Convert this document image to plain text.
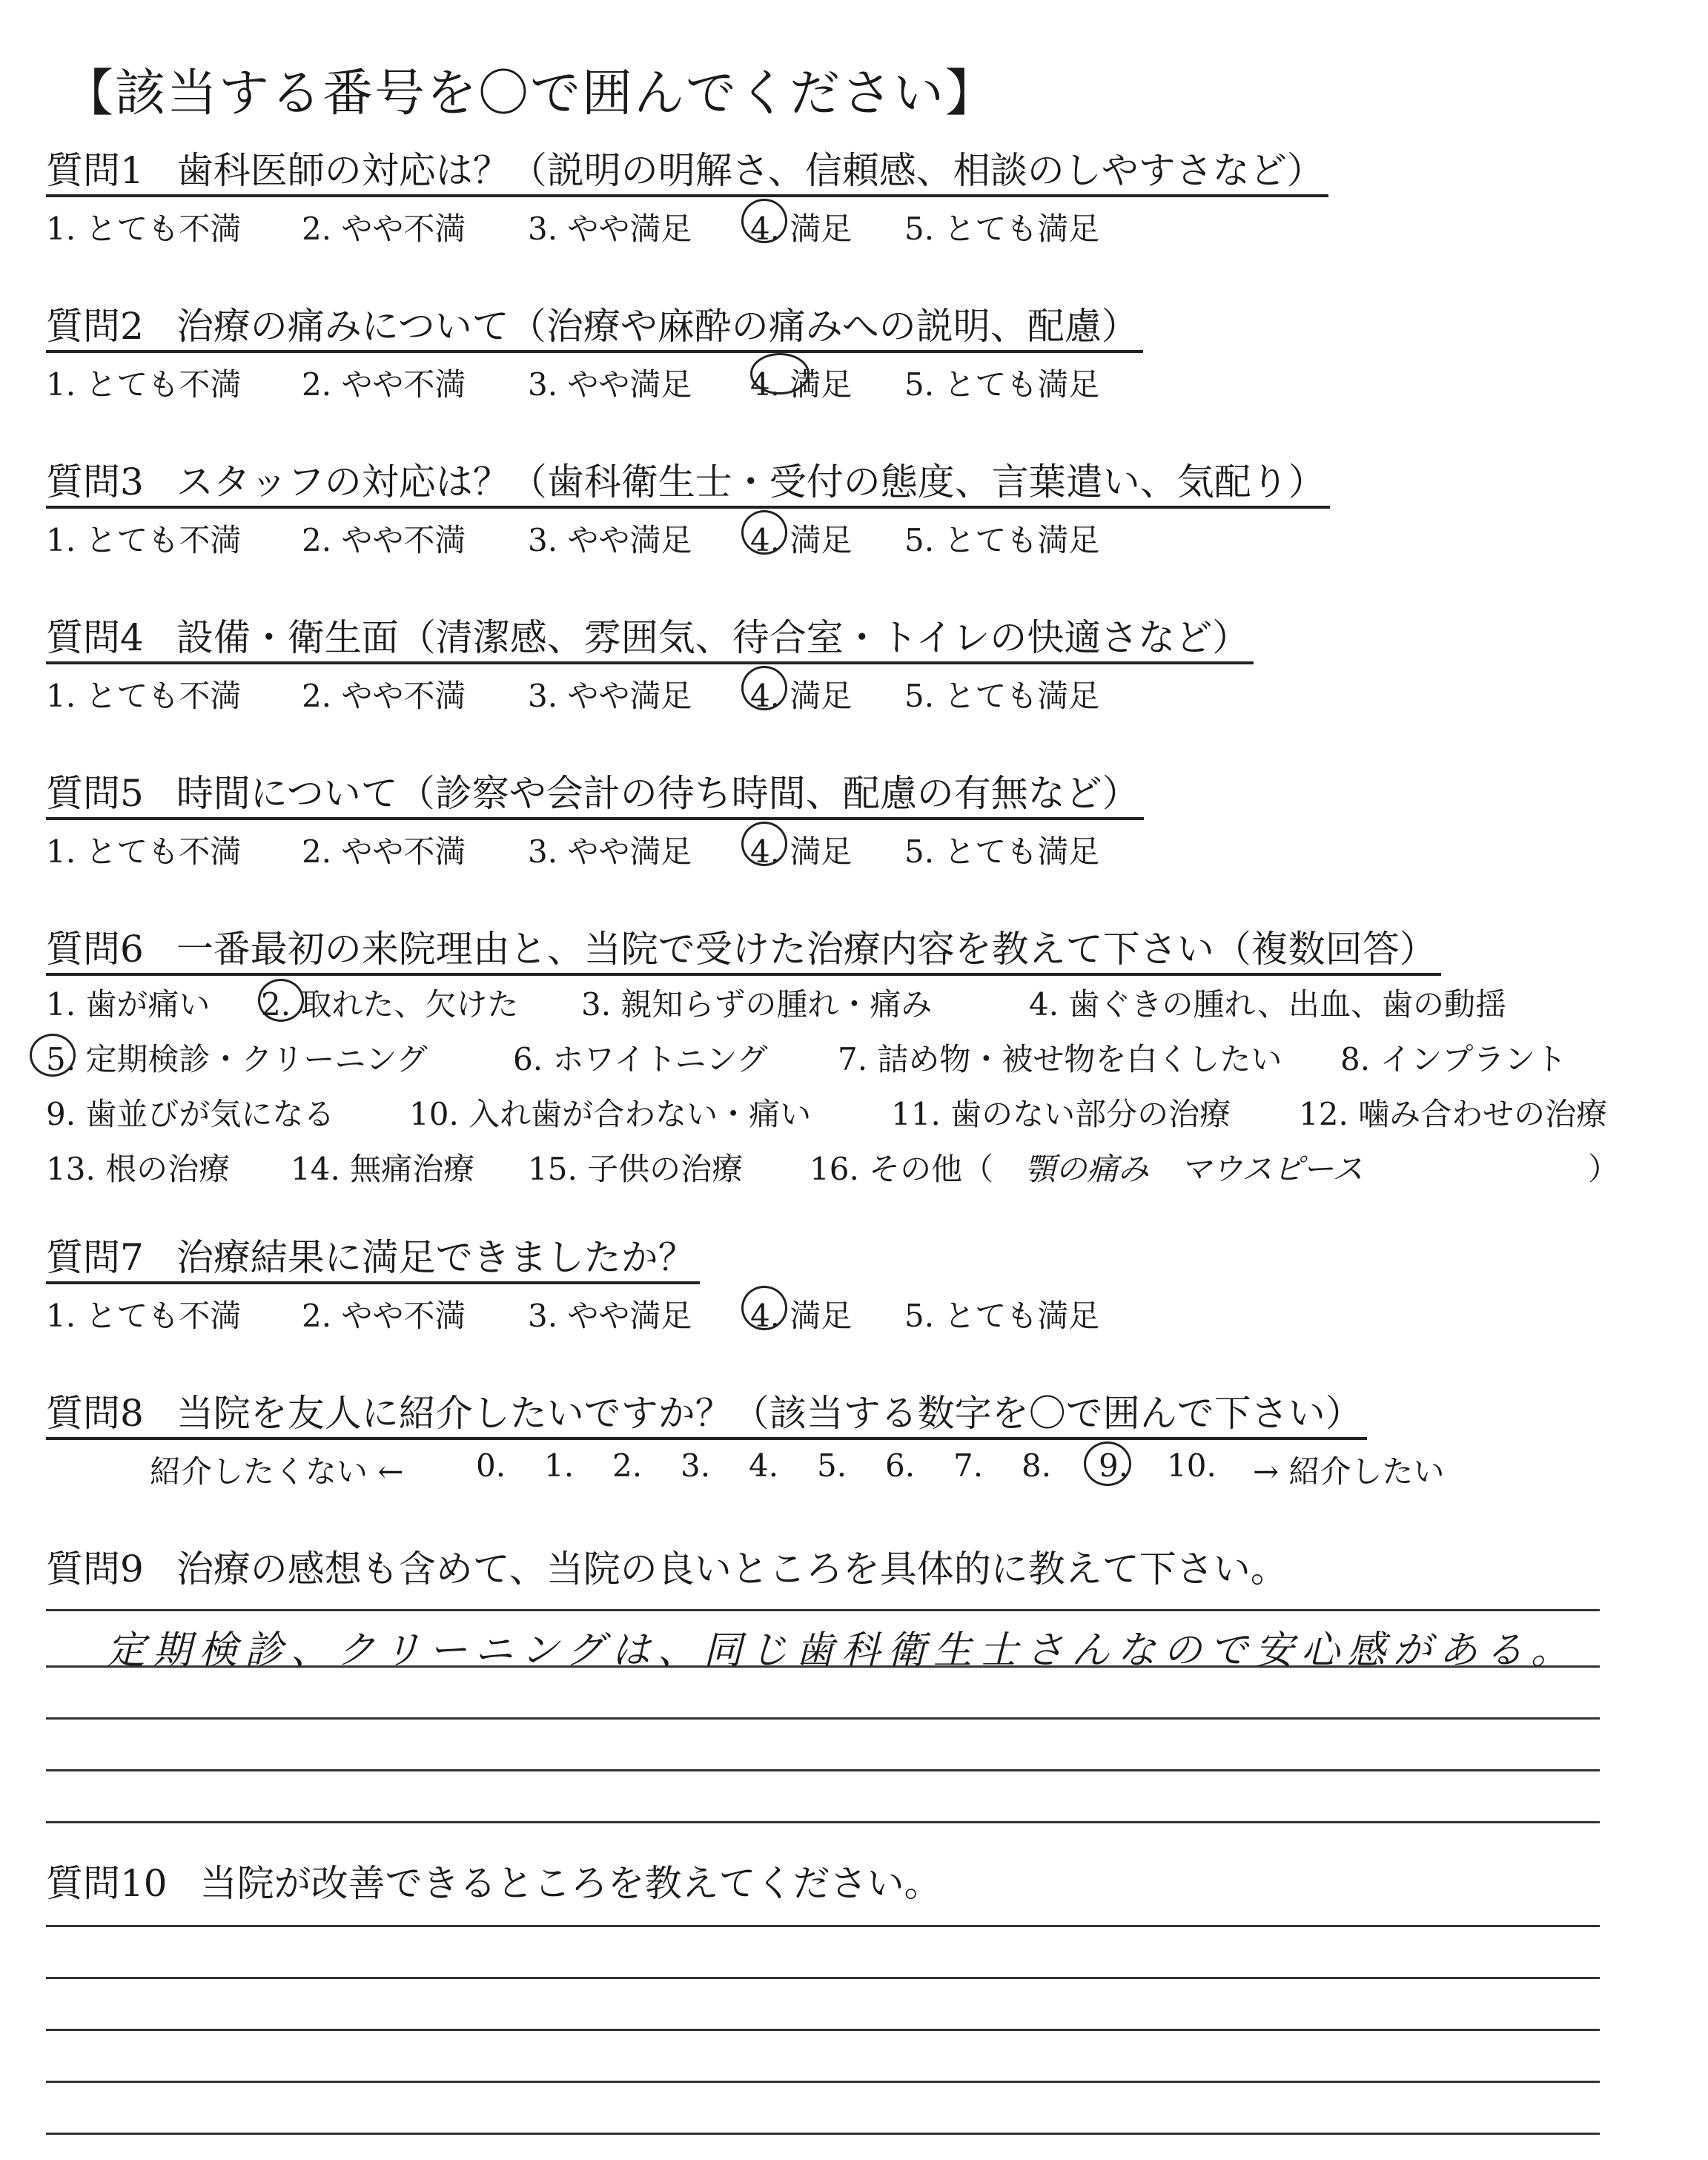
【該当する番号を〇で囲んでください】
質問1 歯科医師の対応は？（説明の明解さ、信頼感、相談のしやすさなど）
1. とても不満 2. やや不満 3. やや満足 4. 満足 5. とても満足
質問2 治療の痛みについて（治療や麻酔の痛みへの説明、配慮）
1. とても不満 2. やや不満 3. やや満足 4. 満足 5. とても満足
質問3 スタッフの対応は？（歯科衛生士・受付の態度、言葉遣い、気配り）
1. とても不満 2. やや不満 3. やや満足 4. 満足 5. とても満足
質問4 設備・衛生面（清潔感、雰囲気、待合室・トイレの快適さなど）
1. とても不満 2. やや不満 3. やや満足 4. 満足 5. とても満足
質問5 時間について（診察や会計の待ち時間、配慮の有無など）
1. とても不満 2. やや不満 3. やや満足 4. 満足 5. とても満足
質問6 一番最初の来院理由と、当院で受けた治療内容を教えて下さい（複数回答）
1. 歯が痛い 2. 取れた、欠けた 3. 親知らずの腫れ・痛み	4. 歯ぐきの腫れ、出血、歯の動揺
5. 定期検診・クリーニング	6. ホワイトニング 7. 詰め物・被せ物を白くしたい 8. インプラント
9. 歯並びが気になる 10. 入れ歯が合わない・痛い	11. 歯のない部分の治療 12. 噛み合わせの治療
13. 根の治療 14. 無痛治療 15. 子供の治療 16. その他（ 顎の痛み　マウスピース	）
質問7 治療結果に満足できましたか？
1. とても不満 2. やや不満 3. やや満足 4. 満足 5. とても満足
質問8 当院を友人に紹介したいですか？（該当する数字を〇で囲んで下さい）
紹介したくない ← 0. 1. 2. 3. 4. 5. 6. 7. 8. 9. 10. → 紹介したい
質問9 治療の感想も含めて、当院の良いところを具体的に教えて下さい。
定期検診、クリーニングは、同じ歯科衛生士さんなので安心感がある。
質問10 当院が改善できるところを教えてください。
